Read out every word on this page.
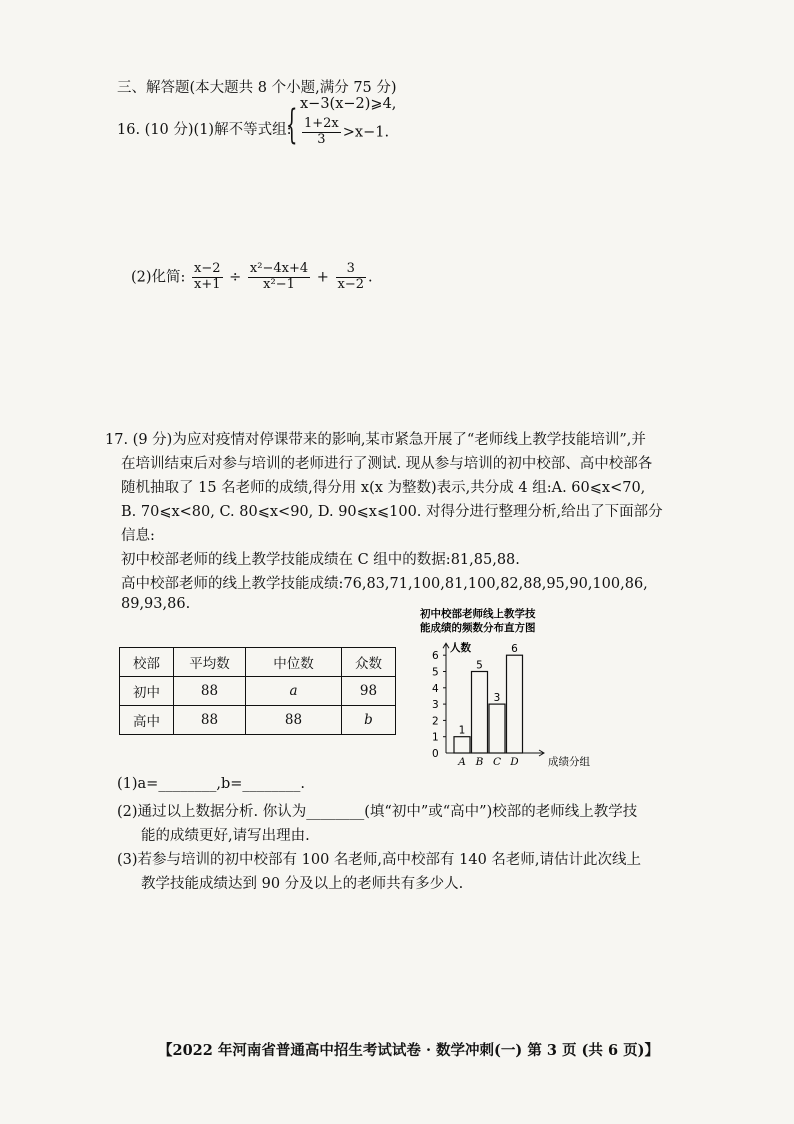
三、解答题(本大题共 8 个小题,满分 75 分)
16. (10 分)(1)解不等式组:
{ x−3(x−2)⩾4,
$\frac{1+2x}{3} >x-1$.
(2)化简: $\frac{x-2}{x+1} \div \frac{\text{x²−4x+4}}{\text{x²−1}} + \frac{3}{x-2}$ .
17. (9 分)为应对疫情对停课带来的影响,某市紧急开展了“老师线上教学技能培训”,并
在培训结束后对参与培训的老师进行了测试. 现从参与培训的初中校部、高中校部各
随机抽取了 15 名老师的成绩,得分用 x(x 为整数)表示,共分成 4 组:A. 60⩽x<70,
B. 70⩽x<80, C. 80⩽x<90, D. 90⩽x⩽100. 对得分进行整理分析,给出了下面部分
信息:
初中校部老师的线上教学技能成绩在 C 组中的数据:81,85,88.
高中校部老师的线上教学技能成绩:76,83,71,100,81,100,82,88,95,90,100,86,
89,93,86.
校部	平均数	中位数	众数
初中	88	a	98
高中	88	88	b
初中校部老师线上教学技
能成绩的频数分布直方图
人数
成绩分组
0
1
2
3
4
5
6
1
A
5
B
3
C
6
D
(1)a=________,b=________.
(2)通过以上数据分析. 你认为________(填“初中”或“高中”)校部的老师线上教学技
能的成绩更好,请写出理由.
(3)若参与培训的初中校部有 100 名老师,高中校部有 140 名老师,请估计此次线上
教学技能成绩达到 90 分及以上的老师共有多少人.
【2022 年河南省普通高中招生考试试卷 · 数学冲刺(一) 第 3 页 (共 6 页)】
